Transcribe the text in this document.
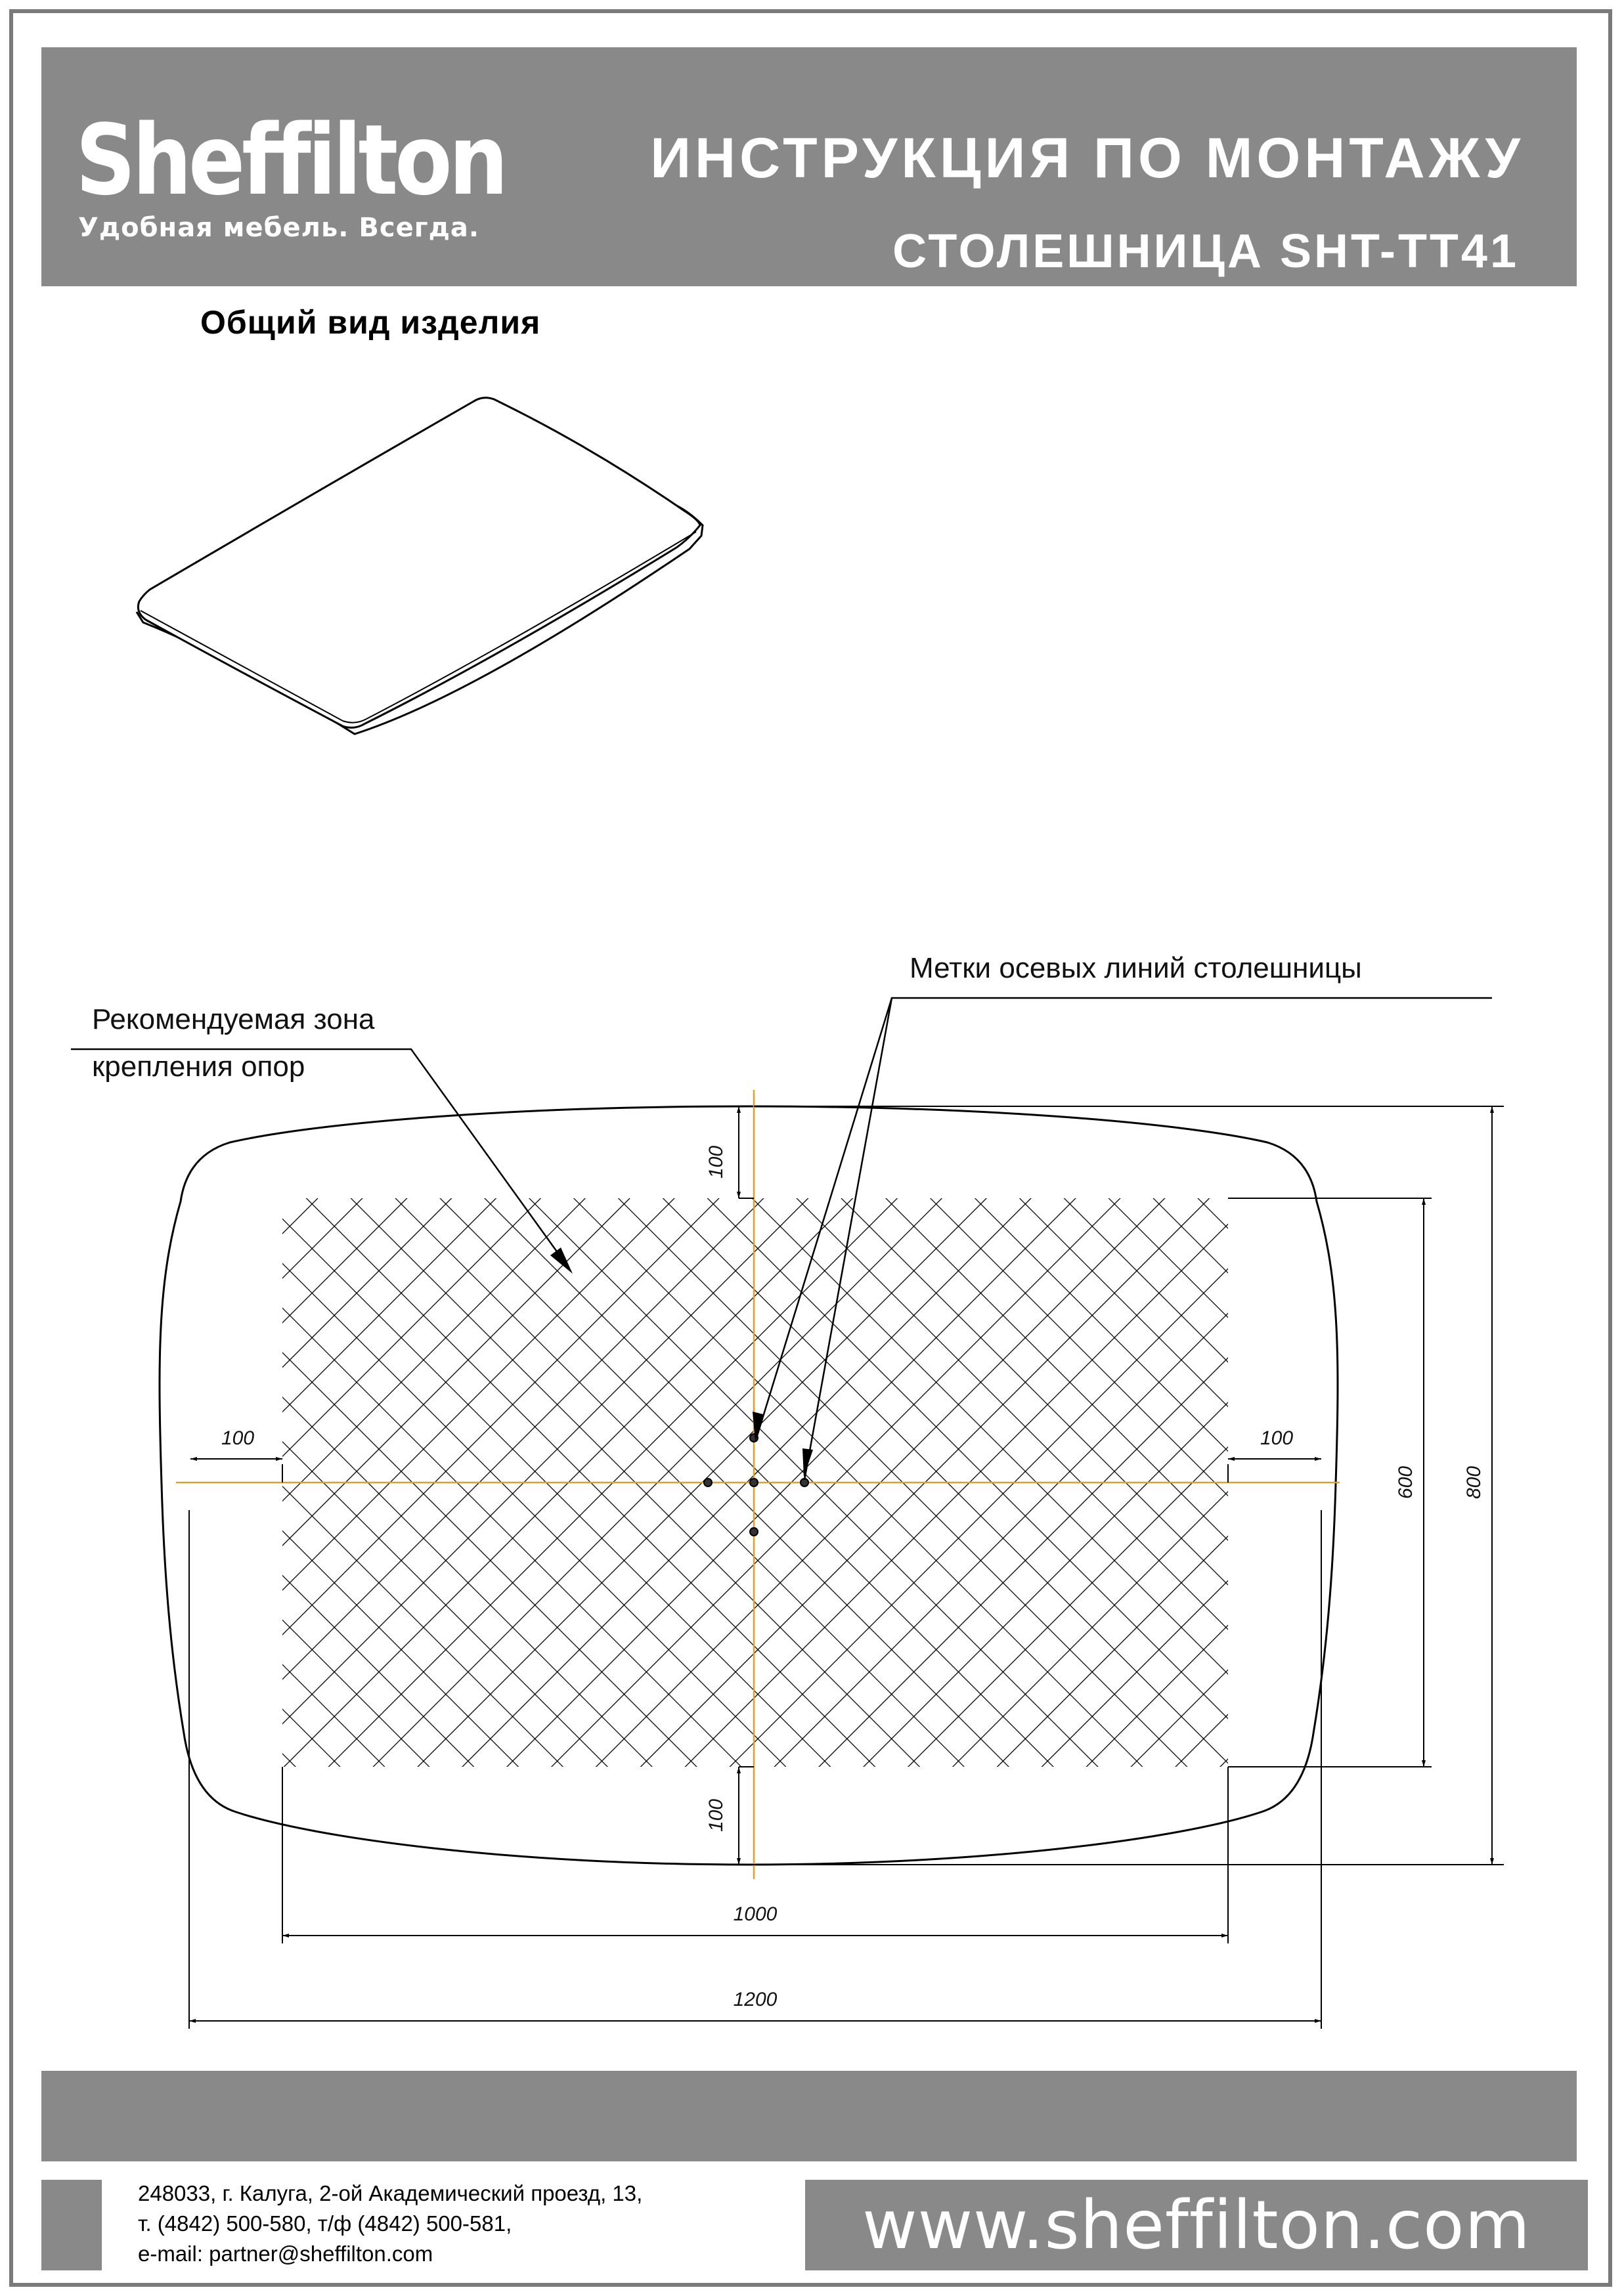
Sheffilton
Удобная мебель. Всегда.
ИНСТРУКЦИЯ ПО МОНТАЖУ
СТОЛЕШНИЦА SHT-TT41
Общий вид изделия
100
100
100	100
600 800
1000
1200
Рекомендуемая зона
крепления опор
Метки осевых линий столешницы
248033, г. Калуга, 2-ой Академический проезд, 13,
т. (4842) 500-580, т/ф (4842) 500-581,
e-mail: partner@sheffilton.com	www.sheffilton.com
